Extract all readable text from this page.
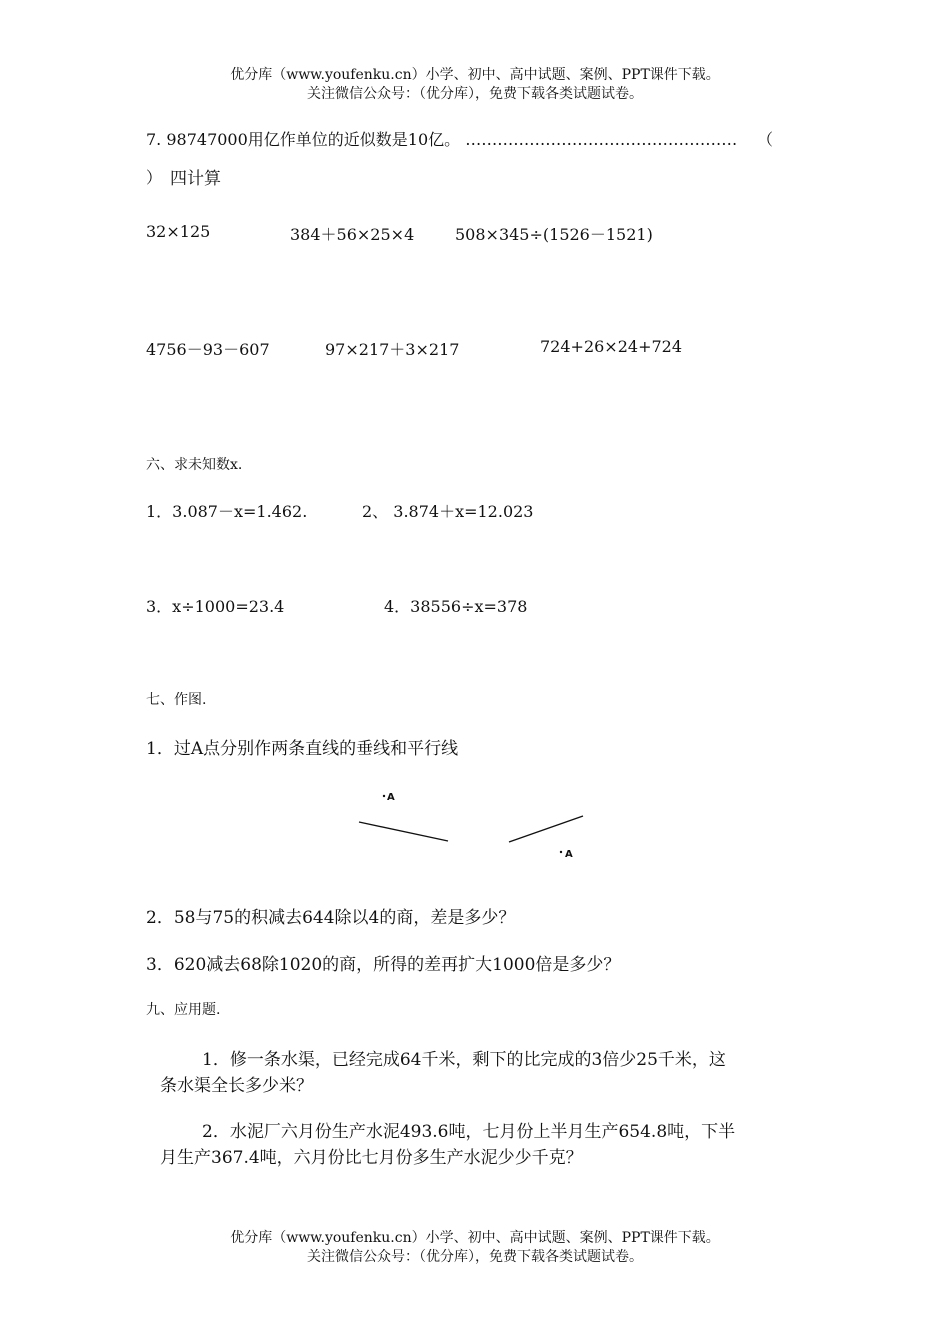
优分库（www.youfenku.cn）小学、初中、高中试题、案例、PPT课件下载。
关注微信公众号：（优分库），免费下载各类试题试卷。
7. 98747000用亿作单位的近似数是10亿。 …………………………………………… （
） 四计算
32×125	384＋56×25×4	508×345÷(1526－1521)
4756－93－607	97×217＋3×217	724+26×24+724
六、求未知数x.
1．3.087－x=1.462.	2、 3.874＋x=12.023
3．x÷1000=23.4	4．38556÷x=378
七、作图.
1．过A点分别作两条直线的垂线和平行线
A
A
2．58与75的积减去644除以4的商，差是多少？
3．620减去68除1020的商，所得的差再扩大1000倍是多少？
九、应用题.
1．修一条水渠，已经完成64千米，剩下的比完成的3倍少25千米，这
条水渠全长多少米？
2．水泥厂六月份生产水泥493.6吨，七月份上半月生产654.8吨，下半
月生产367.4吨，六月份比七月份多生产水泥少少千克？
优分库（www.youfenku.cn）小学、初中、高中试题、案例、PPT课件下载。
关注微信公众号：（优分库），免费下载各类试题试卷。
